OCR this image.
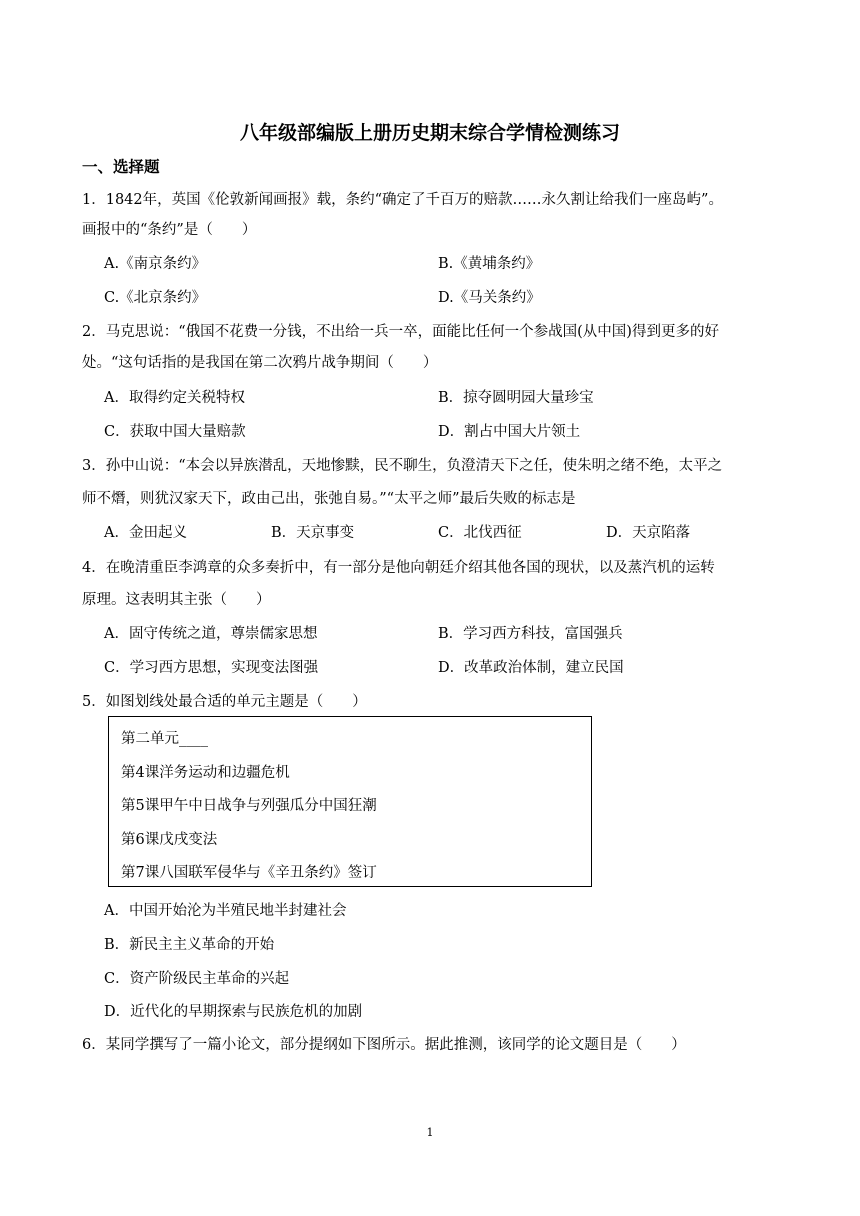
八年级部编版上册历史期末综合学情检测练习
一、选择题
1．1842年，英国《伦敦新闻画报》载，条约“确定了千百万的赔款……永久割让给我们一座岛屿”。
画报中的“条约”是（　　）
A.《南京条约》	B.《黄埔条约》
C.《北京条约》	D.《马关条约》
2．马克思说：“俄国不花费一分钱，不出给一兵一卒，面能比任何一个参战国(从中国)得到更多的好
处。“这句话指的是我国在第二次鸦片战争期间（　　）
A．取得约定关税特权	B．掠夺圆明园大量珍宝
C．获取中国大量赔款	D．割占中国大片领土
3．孙中山说：“本会以异族潜乱，天地惨黩，民不聊生，负澄清天下之任，使朱明之绪不绝，太平之
师不熸，则犹汉家天下，政由己出，张弛自易。”“太平之师”最后失败的标志是
A．金田起义	B．天京事变	C．北伐西征	D．天京陷落
4．在晚清重臣李鸿章的众多奏折中，有一部分是他向朝廷介绍其他各国的现状，以及蒸汽机的运转
原理。这表明其主张（　　）
A．固守传统之道，尊崇儒家思想	B．学习西方科技，富国强兵
C．学习西方思想，实现变法图强	D．改革政治体制，建立民国
5．如图划线处最合适的单元主题是（　　）
第二单元____
第4课洋务运动和边疆危机
第5课甲午中日战争与列强瓜分中国狂潮
第6课戊戌变法
第7课八国联军侵华与《辛丑条约》签订
A．中国开始沦为半殖民地半封建社会
B．新民主主义革命的开始
C．资产阶级民主革命的兴起
D．近代化的早期探索与民族危机的加剧
6．某同学撰写了一篇小论文，部分提纲如下图所示。据此推测，该同学的论文题目是（　　）
1
